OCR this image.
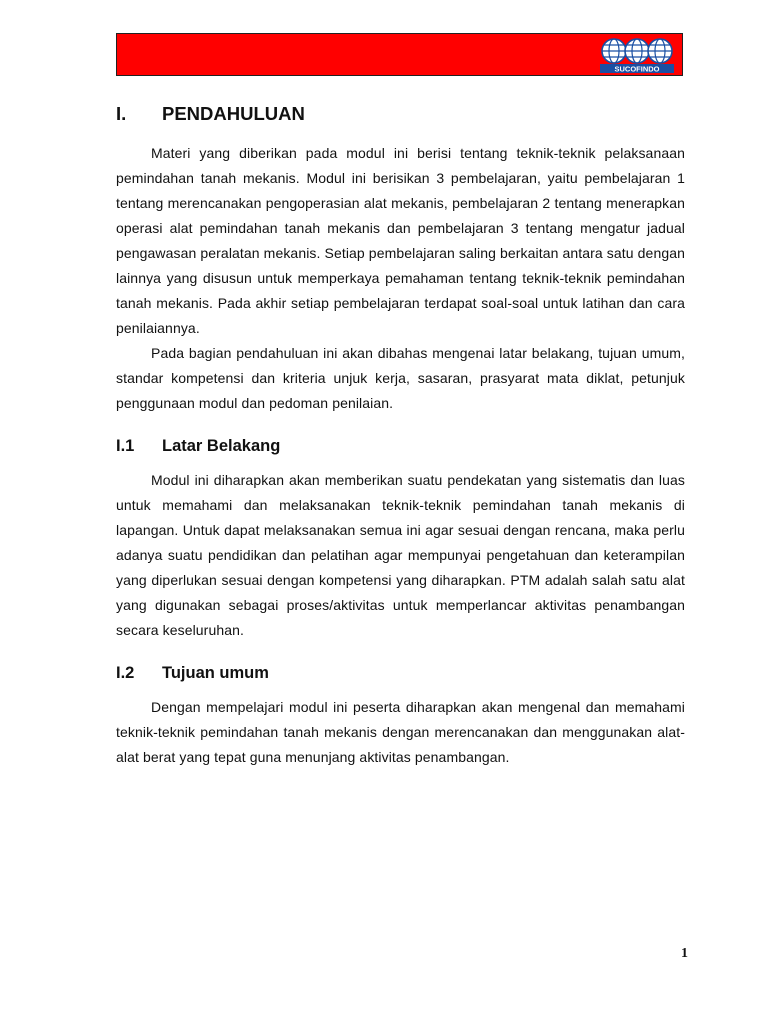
SUCOFINDO
I.	PENDAHULUAN

Materi yang diberikan pada modul ini berisi tentang teknik-teknik pelaksanaan pemindahan tanah mekanis. Modul ini berisikan 3 pembelajaran, yaitu pembelajaran 1 tentang merencanakan pengoperasian alat mekanis, pembelajaran 2 tentang menerapkan operasi alat pemindahan tanah mekanis dan pembelajaran 3 tentang mengatur jadual pengawasan peralatan mekanis. Setiap pembelajaran saling berkaitan antara satu dengan lainnya yang disusun untuk memperkaya pemahaman tentang teknik-teknik pemindahan tanah mekanis. Pada akhir setiap pembelajaran terdapat soal-soal untuk latihan dan cara penilaiannya.

Pada bagian pendahuluan ini akan dibahas mengenai latar belakang, tujuan umum, standar kompetensi dan kriteria unjuk kerja, sasaran, prasyarat mata diklat, petunjuk penggunaan modul dan pedoman penilaian.

I.1	Latar Belakang

Modul ini diharapkan akan memberikan suatu pendekatan yang sistematis dan luas untuk memahami dan melaksanakan teknik-teknik pemindahan tanah mekanis di lapangan. Untuk dapat melaksanakan semua ini agar sesuai dengan rencana, maka perlu adanya suatu pendidikan dan pelatihan agar mempunyai pengetahuan dan keterampilan yang diperlukan sesuai dengan kompetensi yang diharapkan. PTM adalah salah satu alat yang digunakan sebagai proses/aktivitas untuk memperlancar aktivitas penambangan secara keseluruhan.

I.2	Tujuan umum

Dengan mempelajari modul ini peserta diharapkan akan mengenal dan memahami teknik-teknik pemindahan tanah mekanis dengan merencanakan dan menggunakan alat-alat berat yang tepat guna menunjang aktivitas penambangan.

1
